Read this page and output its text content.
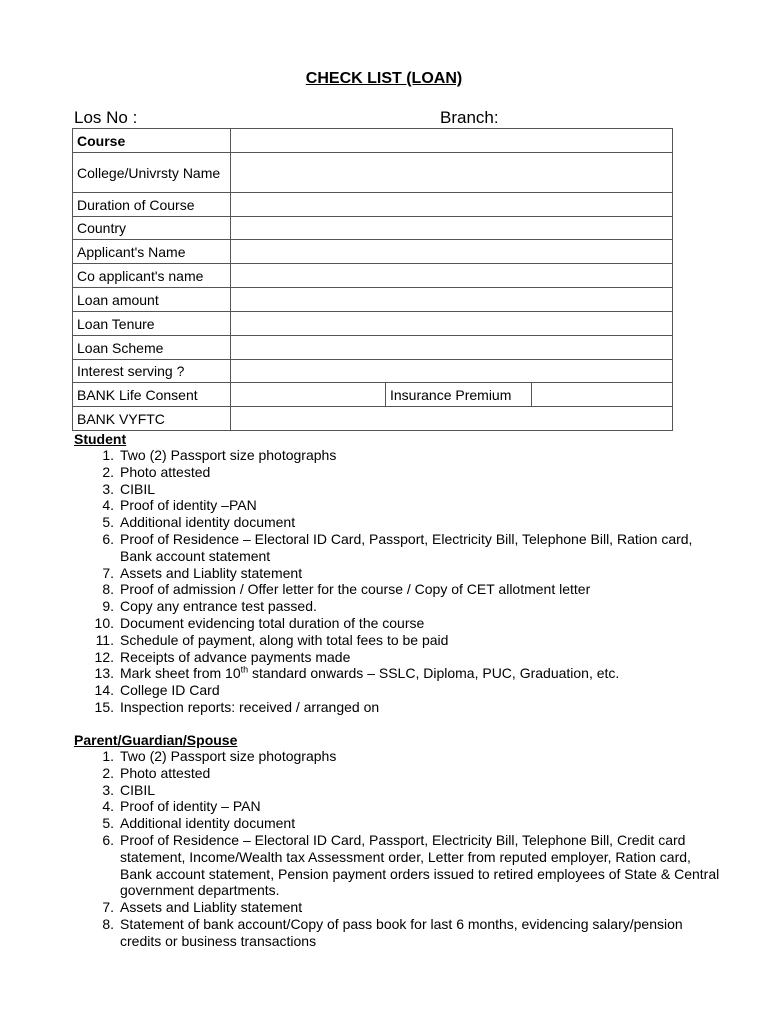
CHECK LIST (LOAN)
Los No :	Branch:
Course			
College/Univrsty Name			
Duration of Course			
Country			
Applicant's Name			
Co applicant's name			
Loan amount			
Loan Tenure			
Loan Scheme			
Interest serving ?			
BANK Life Consent		Insurance Premium	
BANK VYFTC			
Student
1. Two (2) Passport size photographs
2. Photo attested
3. CIBIL
4. Proof of identity –PAN
5. Additional identity document
6. Proof of Residence – Electoral ID Card, Passport, Electricity Bill, Telephone Bill, Ration card, Bank account statement
7. Assets and Liablity statement
8. Proof of admission / Offer letter for the course / Copy of CET allotment letter
9. Copy any entrance test passed.
10. Document evidencing total duration of the course
11. Schedule of payment, along with total fees to be paid
12. Receipts of advance payments made
13. Mark sheet from 10th standard onwards – SSLC, Diploma, PUC, Graduation, etc.
14. College ID Card
15. Inspection reports: received / arranged on
Parent/Guardian/Spouse
1. Two (2) Passport size photographs
2. Photo attested
3. CIBIL
4. Proof of identity – PAN
5. Additional identity document
6. Proof of Residence – Electoral ID Card, Passport, Electricity Bill, Telephone Bill, Credit card statement, Income/Wealth tax Assessment order, Letter from reputed employer, Ration card, Bank account statement, Pension payment orders issued to retired employees of State & Central government departments.
7. Assets and Liablity statement
8. Statement of bank account/Copy of pass book for last 6 months, evidencing salary/pension credits or business transactions
